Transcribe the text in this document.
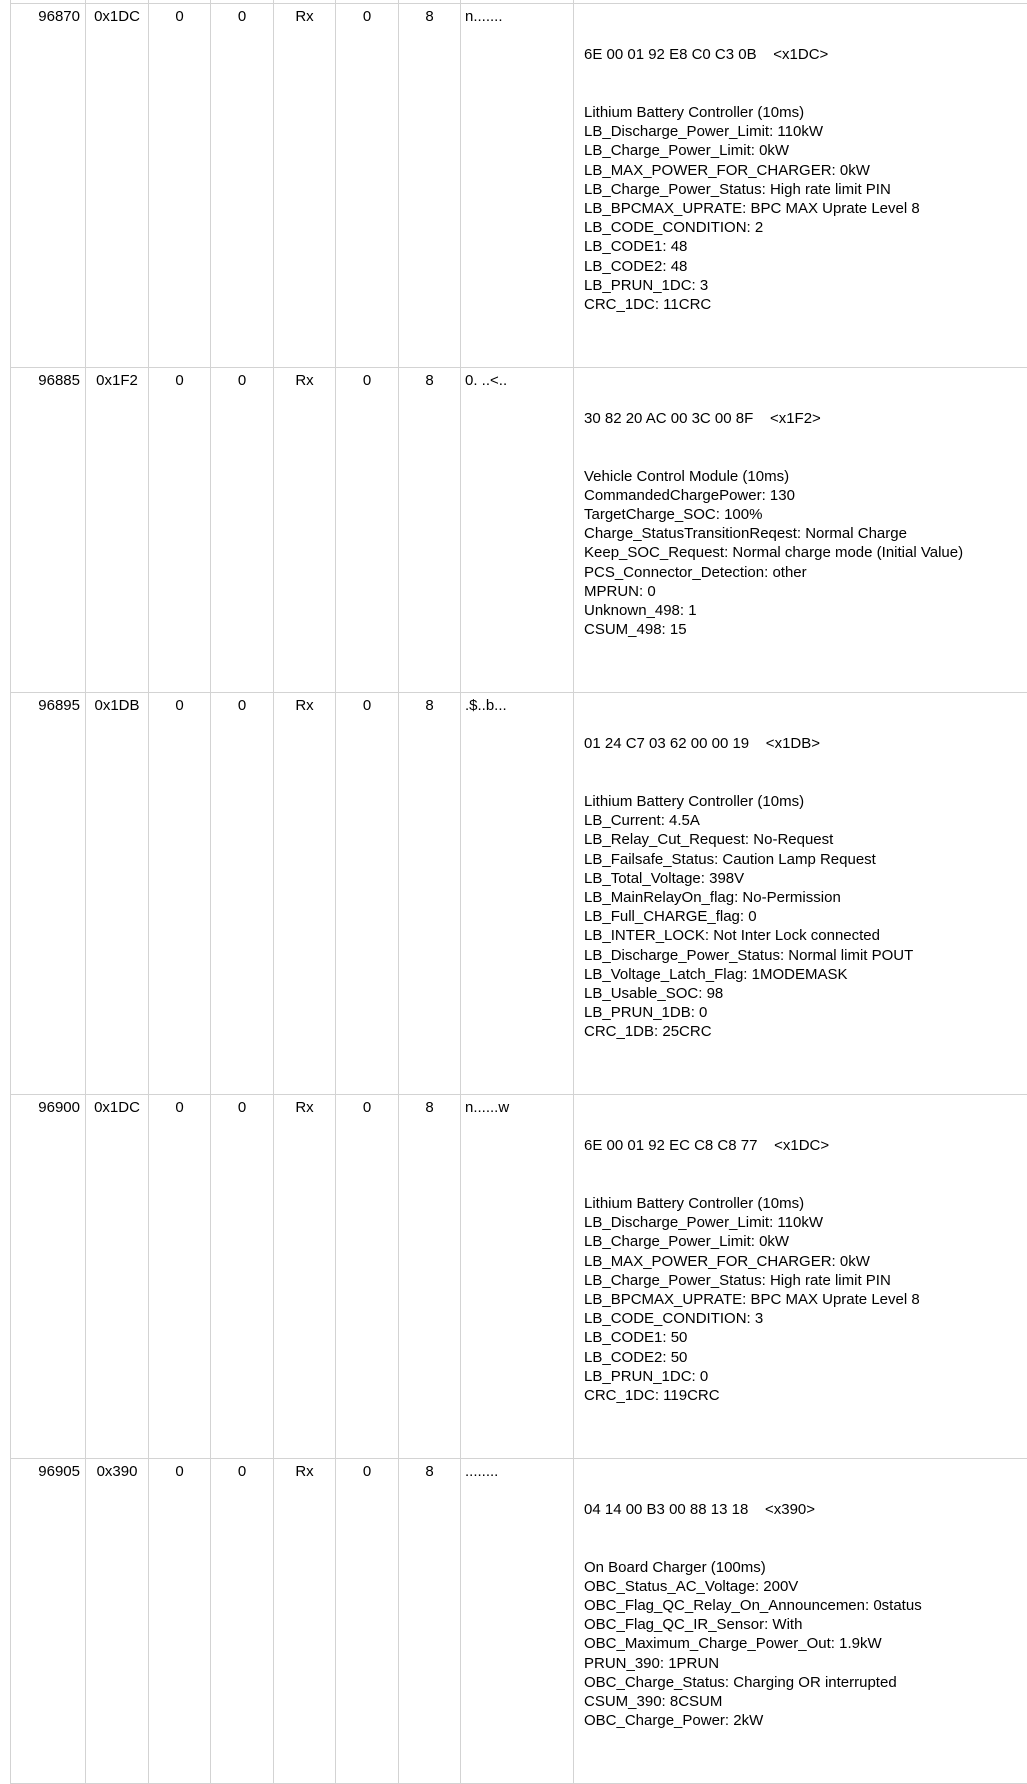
96870 0x1DC	0	0	Rx	0	8	n.......

6E 00 01 92 E8 C0 C3 0B    <x1DC>

Lithium Battery Controller (10ms)
LB_Discharge_Power_Limit: 110kW
LB_Charge_Power_Limit: 0kW
LB_MAX_POWER_FOR_CHARGER: 0kW
LB_Charge_Power_Status: High rate limit PIN
LB_BPCMAX_UPRATE: BPC MAX Uprate Level 8
LB_CODE_CONDITION: 2
LB_CODE1: 48
LB_CODE2: 48
LB_PRUN_1DC: 3
CRC_1DC: 11CRC

96885	0x1F2	0	0	Rx	0	8	0. ..<..

30 82 20 AC 00 3C 00 8F    <x1F2>

Vehicle Control Module (10ms)
CommandedChargePower: 130
TargetCharge_SOC: 100%
Charge_StatusTransitionReqest: Normal Charge
Keep_SOC_Request: Normal charge mode (Initial Value)
PCS_Connector_Detection: other
MPRUN: 0
Unknown_498: 1
CSUM_498: 15

96895 0x1DB	0	0	Rx	0	8	.$..b...

01 24 C7 03 62 00 00 19    <x1DB>

Lithium Battery Controller (10ms)
LB_Current: 4.5A
LB_Relay_Cut_Request: No-Request
LB_Failsafe_Status: Caution Lamp Request
LB_Total_Voltage: 398V
LB_MainRelayOn_flag: No-Permission
LB_Full_CHARGE_flag: 0
LB_INTER_LOCK: Not Inter Lock connected
LB_Discharge_Power_Status: Normal limit POUT
LB_Voltage_Latch_Flag: 1MODEMASK
LB_Usable_SOC: 98
LB_PRUN_1DB: 0
CRC_1DB: 25CRC

96900 0x1DC	0	0	Rx	0	8	n......w

6E 00 01 92 EC C8 C8 77    <x1DC>

Lithium Battery Controller (10ms)
LB_Discharge_Power_Limit: 110kW
LB_Charge_Power_Limit: 0kW
LB_MAX_POWER_FOR_CHARGER: 0kW
LB_Charge_Power_Status: High rate limit PIN
LB_BPCMAX_UPRATE: BPC MAX Uprate Level 8
LB_CODE_CONDITION: 3
LB_CODE1: 50
LB_CODE2: 50
LB_PRUN_1DC: 0
CRC_1DC: 119CRC

96905	0x390	0	0	Rx	0	8	........

04 14 00 B3 00 88 13 18    <x390>

On Board Charger (100ms)
OBC_Status_AC_Voltage: 200V
OBC_Flag_QC_Relay_On_Announcemen: 0status
OBC_Flag_QC_IR_Sensor: With
OBC_Maximum_Charge_Power_Out: 1.9kW
PRUN_390: 1PRUN
OBC_Charge_Status: Charging OR interrupted
CSUM_390: 8CSUM
OBC_Charge_Power: 2kW
